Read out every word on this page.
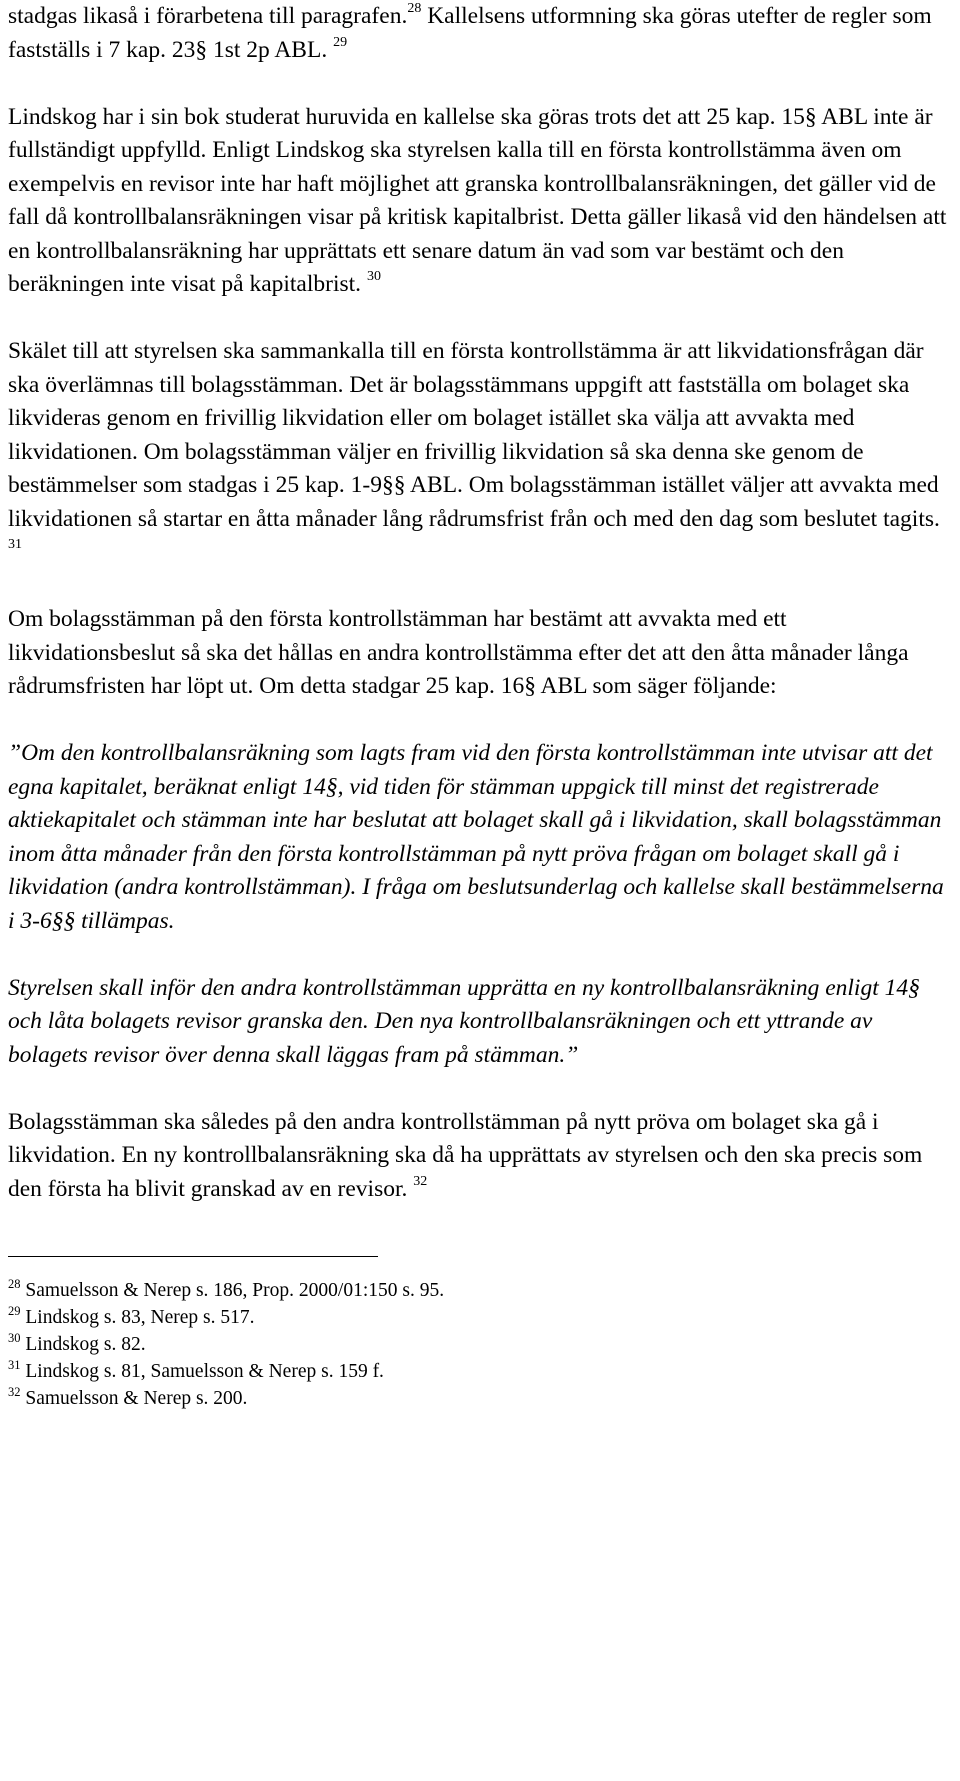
stadgas likaså i förarbetena till paragrafen.$^{28}$ Kallelsens utformning ska göras utefter de regler som fastställs i 7 kap. 23§ 1st 2p ABL. $^{29}$

Lindskog har i sin bok studerat huruvida en kallelse ska göras trots det att 25 kap. 15§ ABL inte är fullständigt uppfylld. Enligt Lindskog ska styrelsen kalla till en första kontrollstämma även om exempelvis en revisor inte har haft möjlighet att granska kontrollbalansräkningen, det gäller vid de fall då kontrollbalansräkningen visar på kritisk kapitalbrist. Detta gäller likaså vid den händelsen att en kontrollbalansräkning har upprättats ett senare datum än vad som var bestämt och den beräkningen inte visat på kapitalbrist. $^{30}$

Skälet till att styrelsen ska sammankalla till en första kontrollstämma är att likvidationsfrågan där ska överlämnas till bolagsstämman. Det är bolagsstämmans uppgift att fastställa om bolaget ska likvideras genom en frivillig likvidation eller om bolaget istället ska välja att avvakta med likvidationen. Om bolagsstämman väljer en frivillig likvidation så ska denna ske genom de bestämmelser som stadgas i 25 kap. 1-9§§ ABL. Om bolagsstämman istället väljer att avvakta med likvidationen så startar en åtta månader lång rådrumsfrist från och med den dag som beslutet tagits. $^{31}$

Om bolagsstämman på den första kontrollstämman har bestämt att avvakta med ett likvidationsbeslut så ska det hållas en andra kontrollstämma efter det att den åtta månader långa rådrumsfristen har löpt ut. Om detta stadgar 25 kap. 16§ ABL som säger följande:

”Om den kontrollbalansräkning som lagts fram vid den första kontrollstämman inte utvisar att det egna kapitalet, beräknat enligt 14§, vid tiden för stämman uppgick till minst det registrerade aktiekapitalet och stämman inte har beslutat att bolaget skall gå i likvidation, skall bolagsstämman inom åtta månader från den första kontrollstämman på nytt pröva frågan om bolaget skall gå i likvidation (andra kontrollstämman). I fråga om beslutsunderlag och kallelse skall bestämmelserna i 3-6§§ tillämpas.

Styrelsen skall inför den andra kontrollstämman upprätta en ny kontrollbalansräkning enligt 14§ och låta bolagets revisor granska den. Den nya kontrollbalansräkningen och ett yttrande av bolagets revisor över denna skall läggas fram på stämman.”

Bolagsstämman ska således på den andra kontrollstämman på nytt pröva om bolaget ska gå i likvidation. En ny kontrollbalansräkning ska då ha upprättats av styrelsen och den ska precis som den första ha blivit granskad av en revisor. $^{32}$

$^{28}$ Samuelsson & Nerep s. 186, Prop. 2000/01:150 s. 95.

$^{29}$ Lindskog s. 83, Nerep s. 517.

$^{30}$ Lindskog s. 82.

$^{31}$ Lindskog s. 81, Samuelsson & Nerep s. 159 f.

$^{32}$ Samuelsson & Nerep s. 200.
